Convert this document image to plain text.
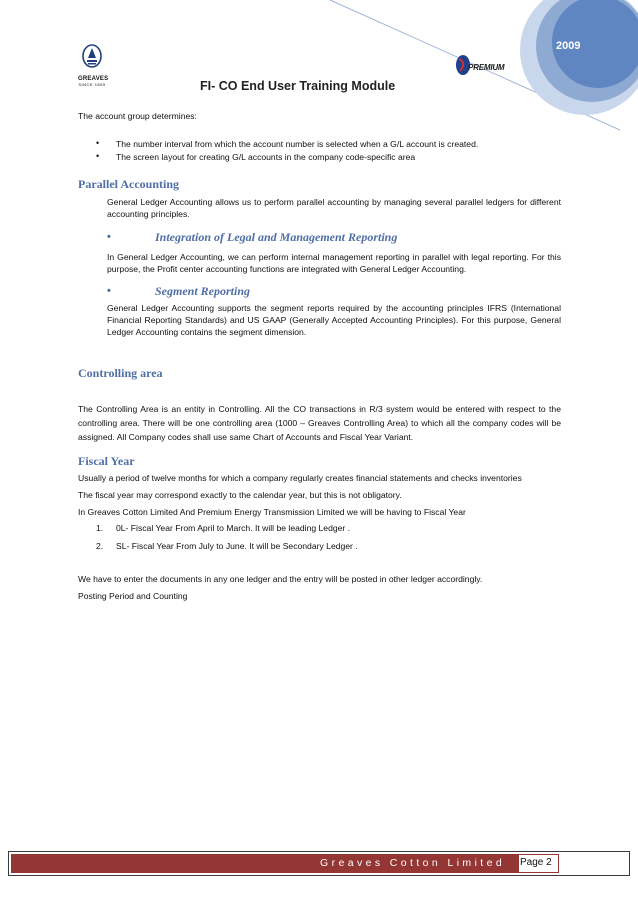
2009
GREAVES
SINCE 1859
PREMIUM
FI- CO End User Training Module
The account group determines:
• The number interval from which the account number is selected when a G/L account is created.
• The screen layout for creating G/L accounts in the company code-specific area
Parallel Accounting
General Ledger Accounting allows us to perform parallel accounting by managing several parallel ledgers for different accounting principles.
•	Integration of Legal and Management Reporting
In General Ledger Accounting, we can perform internal management reporting in parallel with legal reporting. For this purpose, the Profit center accounting functions are integrated with General Ledger Accounting.
•	Segment Reporting
General Ledger Accounting supports the segment reports required by the accounting principles IFRS (International Financial Reporting Standards) and US GAAP (Generally Accepted Accounting Principles). For this purpose, General Ledger Accounting contains the segment dimension.
Controlling area
The Controlling Area is an entity in Controlling. All the CO transactions in R/3 system would be entered with respect to the controlling area. There will be one controlling area (1000 – Greaves Controlling Area) to which all the company codes will be assigned. All Company codes shall use same Chart of Accounts and Fiscal Year Variant.
Fiscal Year
Usually a period of twelve months for which a company regularly creates financial statements and checks inventories
The fiscal year may correspond exactly to the calendar year, but this is not obligatory.
In Greaves Cotton Limited And Premium Energy Transmission Limited we will be having to Fiscal Year
1. 0L- Fiscal Year From April to March. It will be leading Ledger .
2. SL- Fiscal Year From July to June. It will be Secondary Ledger .
We have to enter the documents in any one ledger and the entry will be posted in other ledger accordingly.
Posting Period and Counting
Greaves Cotton Limited Page 2
